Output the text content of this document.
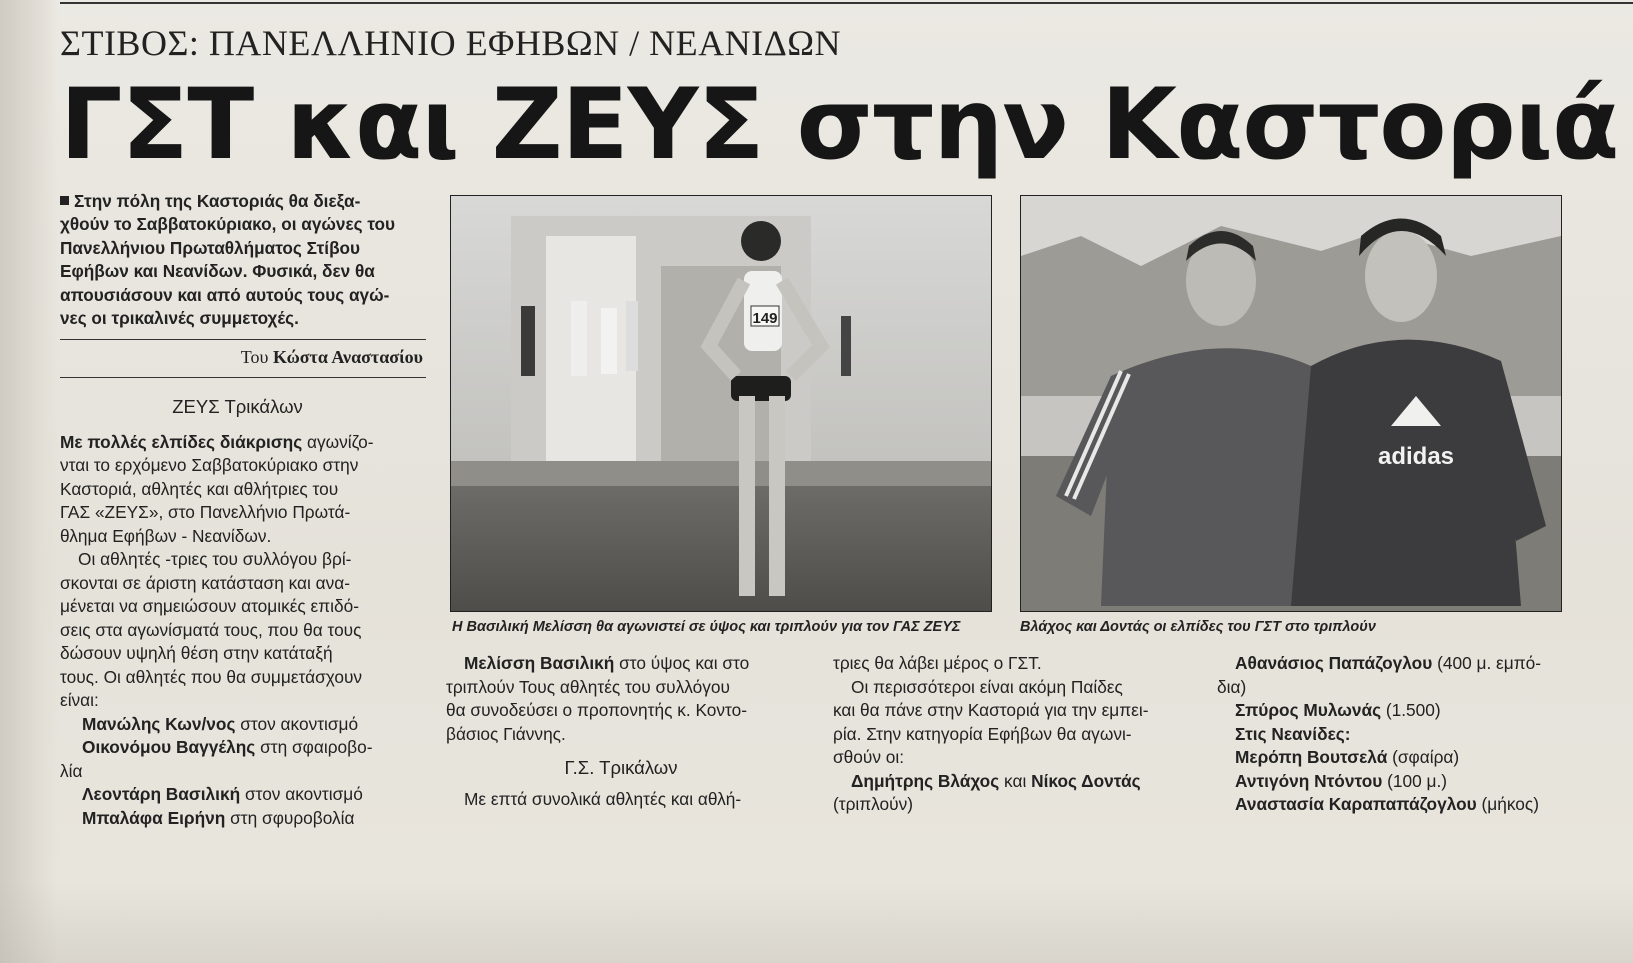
ΣΤΙΒΟΣ: ΠΑΝΕΛΛΗΝΙΟ ΕΦΗΒΩΝ / ΝΕΑΝΙΔΩΝ
ΓΣΤ και ΖΕΥΣ στην Καστοριά
Στην πόλη της Καστοριάς θα διεξα-
χθούν το Σαββατοκύριακο, οι αγώνες του
Πανελλήνιου Πρωταθλήματος Στίβου
Εφήβων και Νεανίδων. Φυσικά, δεν θα
απουσιάσουν και από αυτούς τους αγώ-
νες οι τρικαλινές συμμετοχές.
Του Κώστα Αναστασίου
ΖΕΥΣ Τρικάλων

Με πολλές ελπίδες διάκρισης αγωνίζο-

νται το ερχόμενο Σαββατοκύριακο στην

Καστοριά, αθλητές και αθλήτριες του

ΓΑΣ «ΖΕΥΣ», στο Πανελλήνιο Πρωτά-

θλημα Εφήβων - Νεανίδων.

Οι αθλητές -τριες του συλλόγου βρί-

σκονται σε άριστη κατάσταση και ανα-

μένεται να σημειώσουν ατομικές επιδό-

σεις στα αγωνίσματά τους, που θα τους

δώσουν υψηλή θέση στην κατάταξή

τους. Οι αθλητές που θα συμμετάσχουν

είναι:

Μανώλης Κων/νος στον ακοντισμό

Οικονόμου Βαγγέλης στη σφαιροβο-

λία

Λεοντάρη Βασιλική στον ακοντισμό

Μπαλάφα Ειρήνη στη σφυροβολία

149
Η Βασιλική Μελίσση θα αγωνιστεί σε ύψος και τριπλούν για τον ΓΑΣ ΖΕΥΣ
adidas
Βλάχος και Δοντάς οι ελπίδες του ΓΣΤ στο τριπλούν

Μελίσση Βασιλική στο ύψος και στο

τριπλούν Τους αθλητές του συλλόγου

θα συνοδεύσει ο προπονητής κ. Κοντο-

βάσιος Γιάννης.

Γ.Σ. Τρικάλων

Με επτά συνολικά αθλητές και αθλή-

τριες θα λάβει μέρος ο ΓΣΤ.

Οι περισσότεροι είναι ακόμη Παίδες

και θα πάνε στην Καστοριά για την εμπει-

ρία. Στην κατηγορία Εφήβων θα αγωνι-

σθούν οι:

Δημήτρης Βλάχος και Νίκος Δοντάς

(τριπλούν)

Αθανάσιος Παπάζογλου (400 μ. εμπό-

δια)

Σπύρος Μυλωνάς (1.500)

Στις Νεανίδες:

Μερόπη Βουτσελά (σφαίρα)

Αντιγόνη Ντόντου (100 μ.)

Αναστασία Καραπαπάζογλου (μήκος)
